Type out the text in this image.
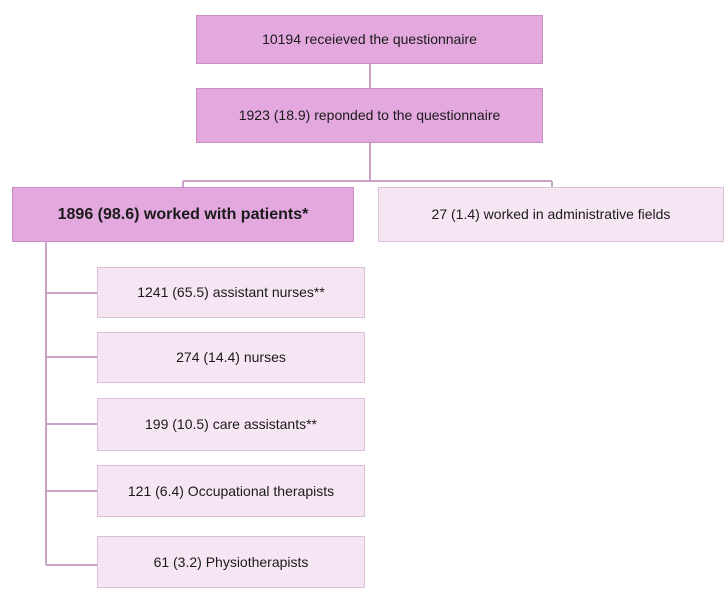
10194 receieved the questionnaire
1923 (18.9) reponded to the questionnaire
1896 (98.6) worked with patients*	27 (1.4) worked in administrative fields
1241 (65.5) assistant nurses**
274 (14.4) nurses
199 (10.5) care assistants**
121 (6.4) Occupational therapists
61 (3.2) Physiotherapists
